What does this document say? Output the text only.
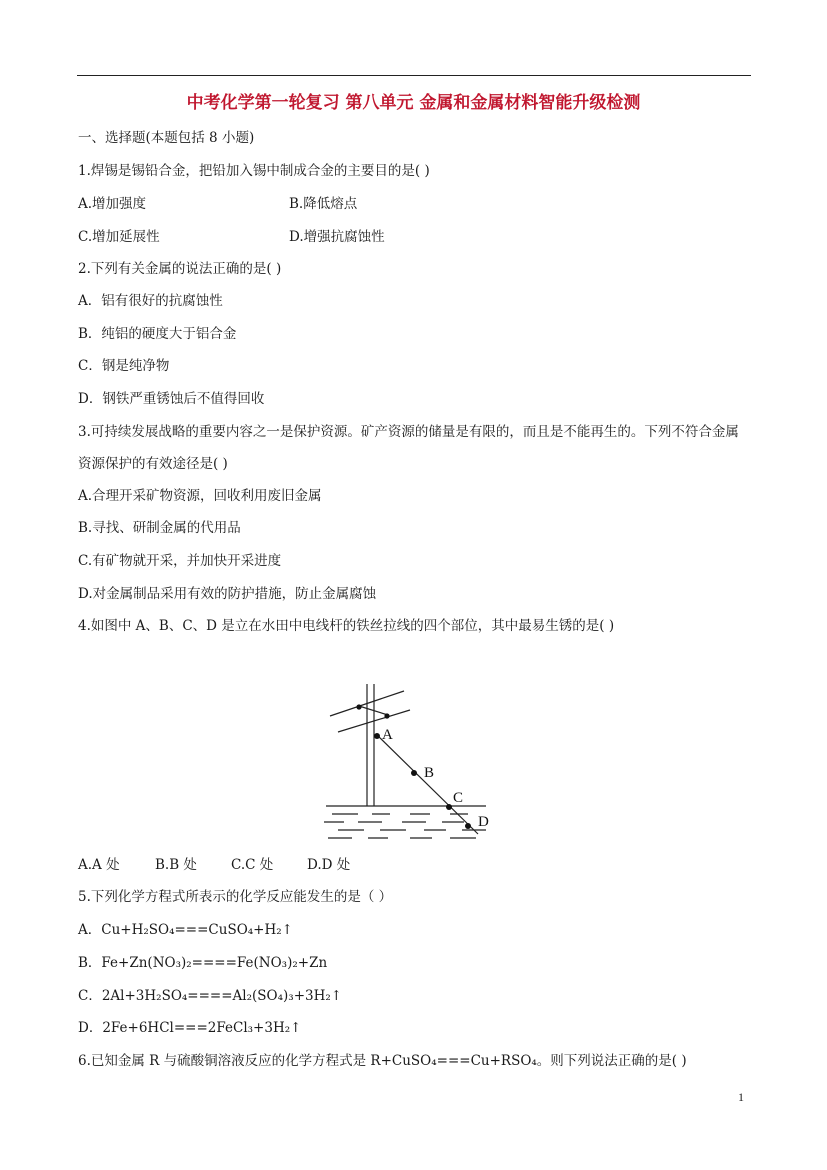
中考化学第一轮复习 第八单元 金属和金属材料智能升级检测
一、选择题(本题包括 8 小题)
1.焊锡是锡铅合金，把铅加入锡中制成合金的主要目的是( )
A.增加强度	B.降低熔点
C.增加延展性	D.增强抗腐蚀性
2.下列有关金属的说法正确的是( )
A．铝有很好的抗腐蚀性
B．纯铝的硬度大于铝合金
C．钢是纯净物
D．钢铁严重锈蚀后不值得回收
3.可持续发展战略的重要内容之一是保护资源。矿产资源的储量是有限的，而且是不能再生的。下列不符合金属资源保护的有效途径是( )
A.合理开采矿物资源，回收利用废旧金属
B.寻找、研制金属的代用品
C.有矿物就开采，并加快开采进度
D.对金属制品采用有效的防护措施，防止金属腐蚀
4.如图中 A、B、C、D 是立在水田中电线杆的铁丝拉线的四个部位，其中最易生锈的是( )
A
B
C
D
A.A 处	B.B 处	C.C 处 D.D 处
5.下列化学方程式所表示的化学反应能发生的是（ ）
A．Cu+H₂SO₄===CuSO₄+H₂↑
B．Fe+Zn(NO₃)₂====Fe(NO₃)₂+Zn
C．2Al+3H₂SO₄====Al₂(SO₄)₃+3H₂↑
D．2Fe+6HCl===2FeCl₃+3H₂↑
6.已知金属 R 与硫酸铜溶液反应的化学方程式是 R+CuSO₄===Cu+RSO₄。则下列说法正确的是( )
1
